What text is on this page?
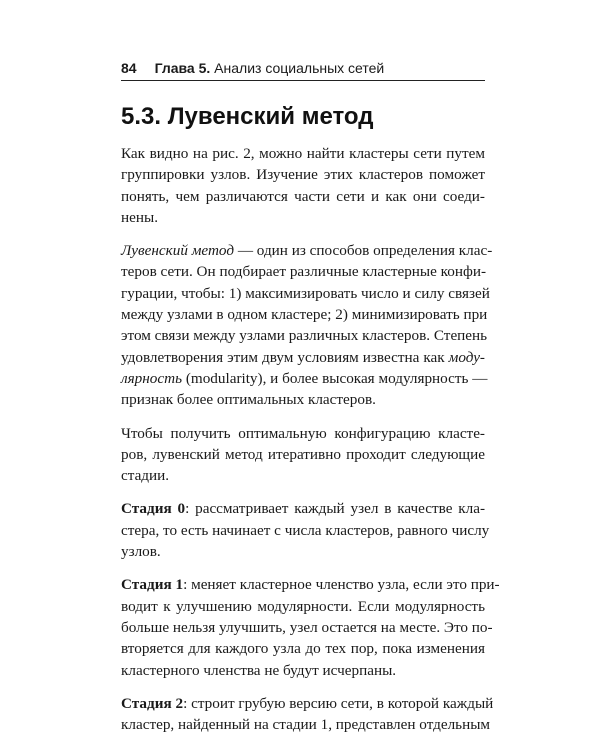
84 Глава 5. Анализ социальных сетей
5.3. Лувенский метод

Как видно на рис. 2, можно найти кластеры сети путем
группировки узлов. Изучение этих кластеров поможет
понять, чем различаются части сети и как они соеди-
нены.

Лувенский метод — один из способов определения клас-
теров сети. Он подбирает различные кластерные конфи-
гурации, чтобы: 1) максимизировать число и силу связей
между узлами в одном кластере; 2) минимизировать при
этом связи между узлами различных кластеров. Степень
удовлетворения этим двум условиям известна как моду-
лярность (modularity), и более высокая модулярность —
признак более оптимальных кластеров.

Чтобы получить оптимальную конфигурацию класте-
ров, лувенский метод итеративно проходит следующие
стадии.

Стадия 0: рассматривает каждый узел в качестве кла-
стера, то есть начинает с числа кластеров, равного числу
узлов.

Стадия 1: меняет кластерное членство узла, если это при-
водит к улучшению модулярности. Если модулярность
больше нельзя улучшить, узел остается на месте. Это по-
вторяется для каждого узла до тех пор, пока изменения
кластерного членства не будут исчерпаны.

Стадия 2: строит грубую версию сети, в которой каждый
кластер, найденный на стадии 1, представлен отдельным
